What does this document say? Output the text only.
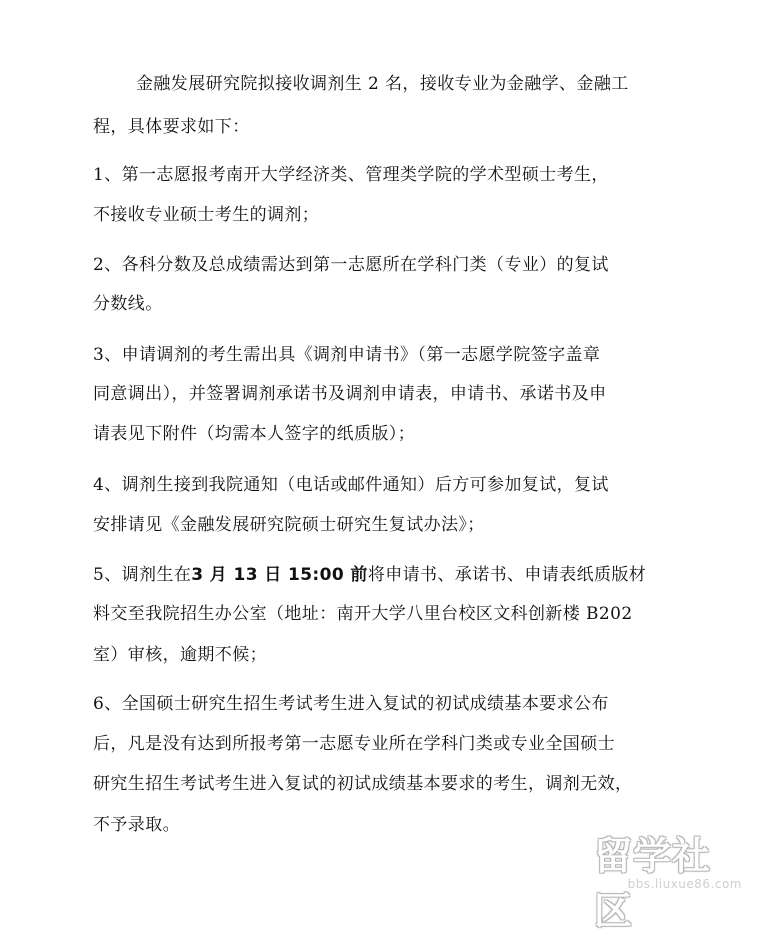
金融发展研究院拟接收调剂生 2 名，接收专业为金融学、金融工
程，具体要求如下：
1、第一志愿报考南开大学经济类、管理类学院的学术型硕士考生，
不接收专业硕士考生的调剂；
2、各科分数及总成绩需达到第一志愿所在学科门类（专业）的复试
分数线。
3、申请调剂的考生需出具《调剂申请书》（第一志愿学院签字盖章
同意调出），并签署调剂承诺书及调剂申请表，申请书、承诺书及申
请表见下附件（均需本人签字的纸质版）；
4、调剂生接到我院通知（电话或邮件通知）后方可参加复试，复试
安排请见《金融发展研究院硕士研究生复试办法》；
5、调剂生在3 月 13 日 15:00 前将申请书、承诺书、申请表纸质版材
料交至我院招生办公室（地址：南开大学八里台校区文科创新楼 B202
室）审核，逾期不候；
6、全国硕士研究生招生考试考生进入复试的初试成绩基本要求公布
后，凡是没有达到所报考第一志愿专业所在学科门类或专业全国硕士
研究生招生考试考生进入复试的初试成绩基本要求的考生，调剂无效，
不予录取。
留学社区
bbs.liuxue86.com
